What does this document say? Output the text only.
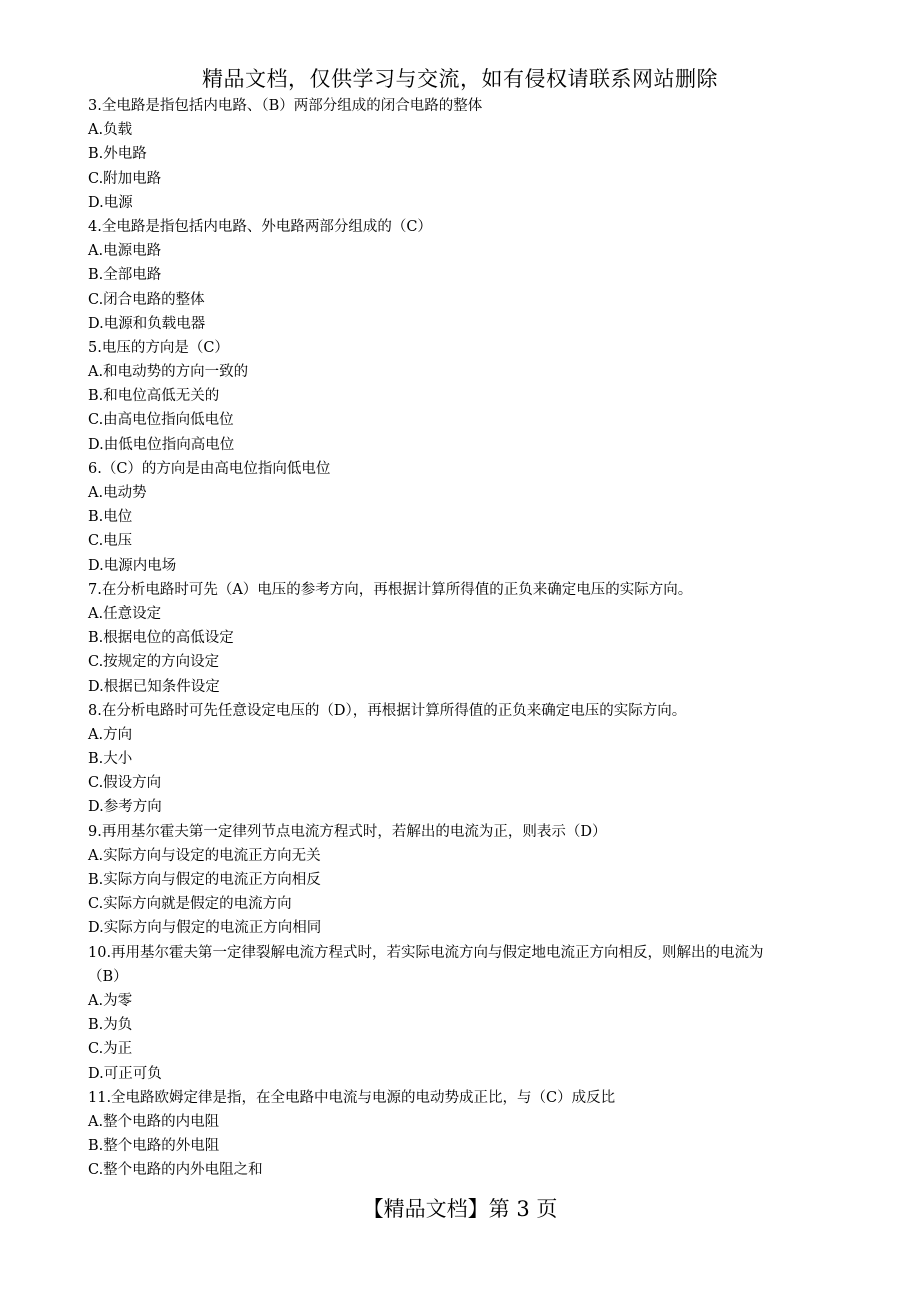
精品文档，仅供学习与交流，如有侵权请联系网站删除
3.全电路是指包括内电路、（B）两部分组成的闭合电路的整体
A.负载
B.外电路
C.附加电路
D.电源
4.全电路是指包括内电路、外电路两部分组成的（C）
A.电源电路
B.全部电路
C.闭合电路的整体
D.电源和负载电器
5.电压的方向是（C）
A.和电动势的方向一致的
B.和电位高低无关的
C.由高电位指向低电位
D.由低电位指向高电位
6.（C）的方向是由高电位指向低电位
A.电动势
B.电位
C.电压
D.电源内电场
7.在分析电路时可先（A）电压的参考方向，再根据计算所得值的正负来确定电压的实际方向。
A.任意设定
B.根据电位的高低设定
C.按规定的方向设定
D.根据已知条件设定
8.在分析电路时可先任意设定电压的（D），再根据计算所得值的正负来确定电压的实际方向。
A.方向
B.大小
C.假设方向
D.参考方向
9.再用基尔霍夫第一定律列节点电流方程式时，若解出的电流为正，则表示（D）
A.实际方向与设定的电流正方向无关
B.实际方向与假定的电流正方向相反
C.实际方向就是假定的电流方向
D.实际方向与假定的电流正方向相同
10.再用基尔霍夫第一定律裂解电流方程式时，若实际电流方向与假定地电流正方向相反，则解出的电流为
（B）
A.为零
B.为负
C.为正
D.可正可负
11.全电路欧姆定律是指，在全电路中电流与电源的电动势成正比，与（C）成反比
A.整个电路的内电阻
B.整个电路的外电阻
C.整个电路的内外电阻之和
【精品文档】第 3 页
